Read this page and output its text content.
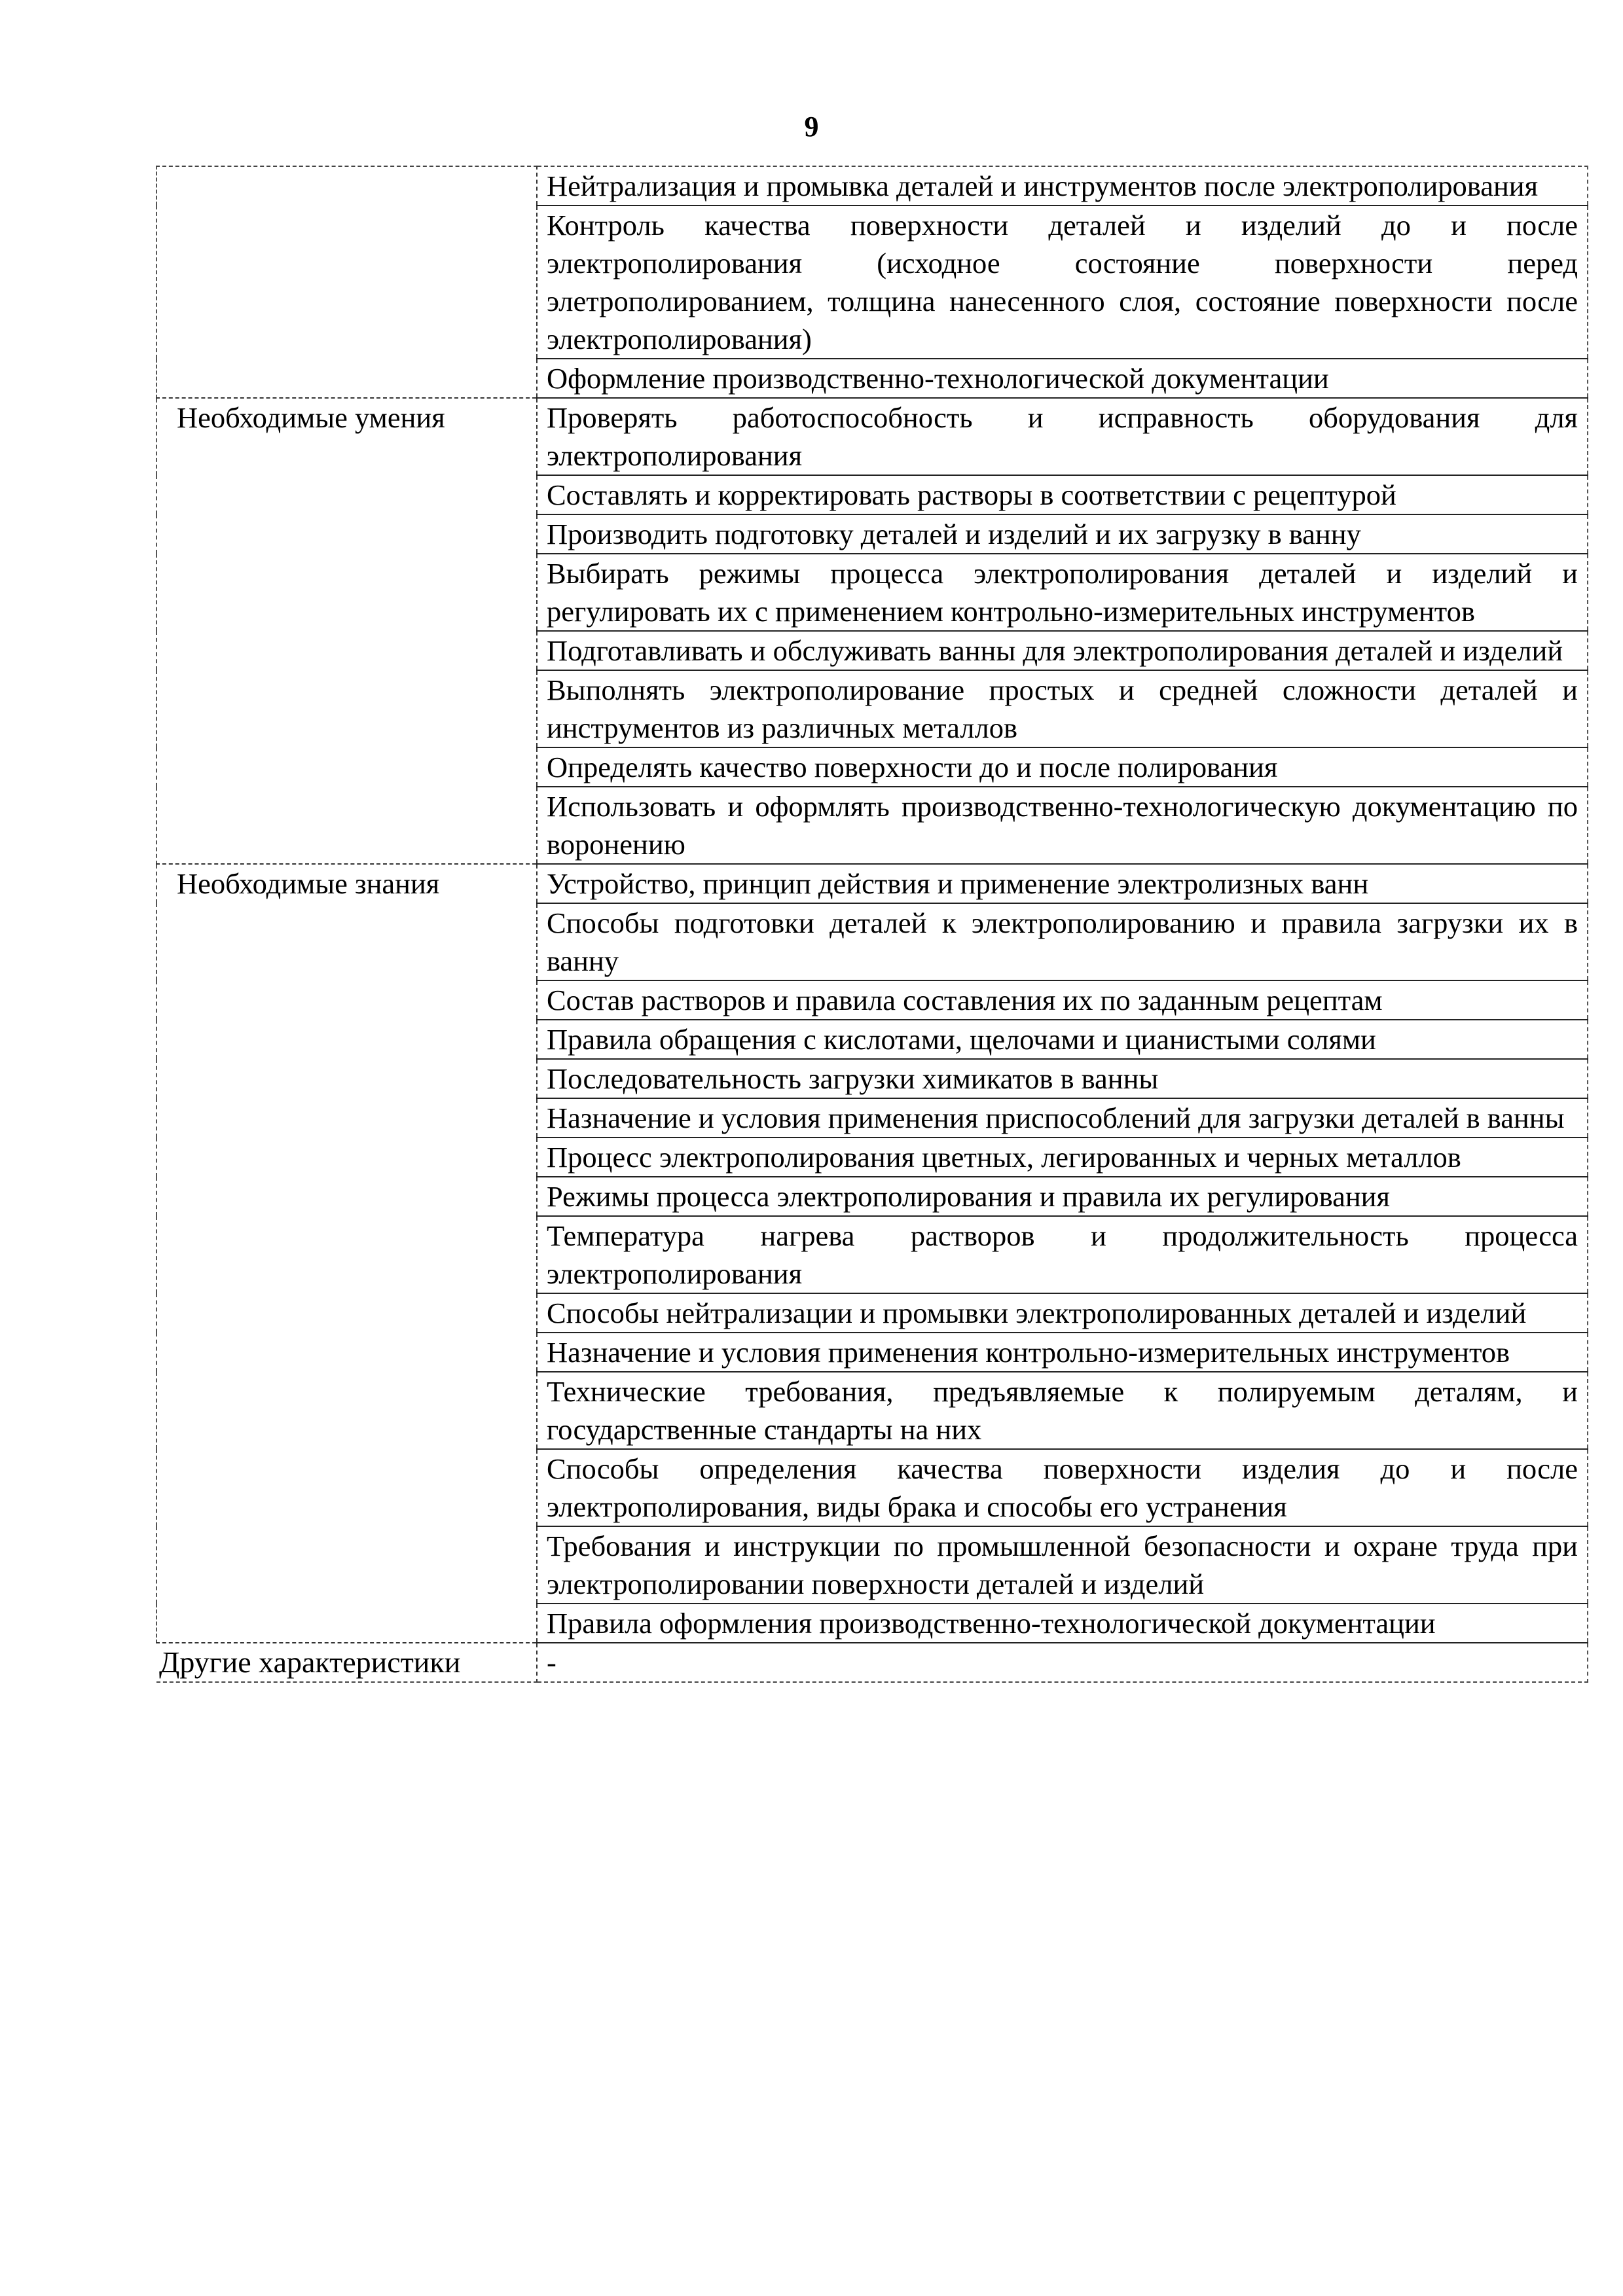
9

	Нейтрализация и промывка деталей и инструментов после электрополирования

	Контроль качества поверхности деталей и изделий до и после электрополирования (исходное состояние поверхности перед элетрополированием, толщина нанесенного слоя, состояние поверхности после электрополирования)

	Оформление производственно-технологической документации

Необходимые умения	Проверять работоспособность и исправность оборудования для электрополирования

	Составлять и корректировать растворы в соответствии с рецептурой

	Производить подготовку деталей и изделий и их загрузку в ванну

	Выбирать режимы процесса электрополирования деталей и изделий и регулировать их с применением контрольно-измерительных инструментов

	Подготавливать и обслуживать ванны для электрополирования деталей и изделий

	Выполнять электрополирование простых и средней сложности деталей и инструментов из различных металлов

	Определять качество поверхности до и после полирования

	Использовать и оформлять производственно-технологическую документацию по воронению

Необходимые знания	Устройство, принцип действия и применение электролизных ванн

	Способы подготовки деталей к электрополированию и правила загрузки их в ванну

	Состав растворов и правила составления их по заданным рецептам

	Правила обращения с кислотами, щелочами и цианистыми солями

	Последовательность загрузки химикатов в ванны

	Назначение и условия применения приспособлений для загрузки деталей в ванны

	Процесс электрополирования цветных, легированных и черных металлов

	Режимы процесса электрополирования и правила их регулирования

	Температура нагрева растворов и продолжительность процесса электрополирования

	Способы нейтрализации и промывки электрополированных деталей и изделий

	Назначение и условия применения контрольно-измерительных инструментов

	Технические требования, предъявляемые к полируемым деталям, и государственные стандарты на них

	Способы определения качества поверхности изделия до и после электрополирования, виды брака и способы его устранения

	Требования и инструкции по промышленной безопасности и охране труда при электрополировании поверхности деталей и изделий

	Правила оформления производственно-технологической документации

Другие характеристики	-
